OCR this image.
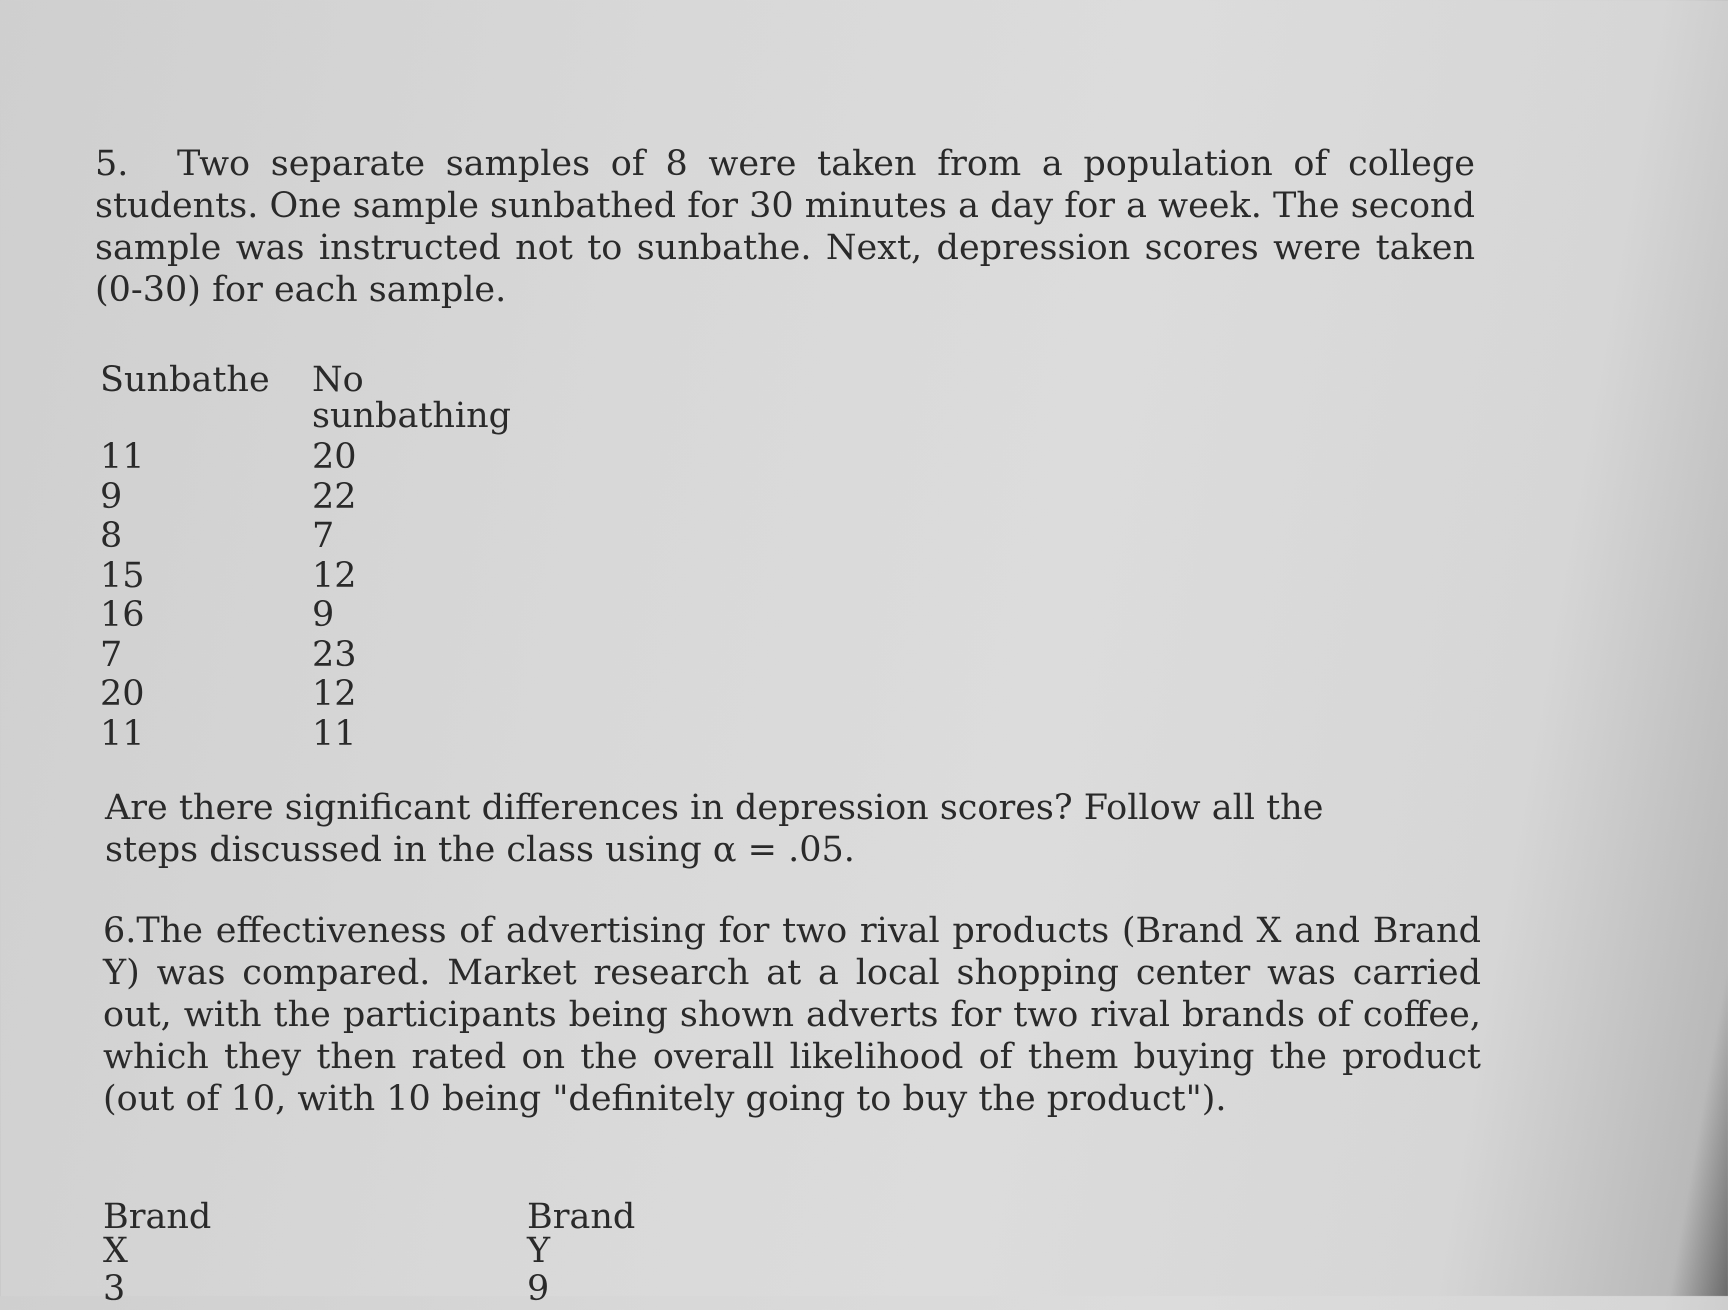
5. Two separate samples of 8 were taken from a population of college students. One sample sunbathed for 30 minutes a day for a week. The second sample was instructed not to sunbathe. Next, depression scores were taken (0-30) for each sample.

Sunbathe
11
9
8
15
16
7
20
11
No sunbathing
20
22
7
12
9
23
12
11

Are there significant differences in depression scores? Follow all the steps discussed in the class using α = .05.

6.The effectiveness of advertising for two rival products (Brand X and Brand Y) was compared. Market research at a local shopping center was carried out, with the participants being shown adverts for two rival brands of coffee, which they then rated on the overall likelihood of them buying the product (out of 10, with 10 being "definitely going to buy the product").

Brand X
3
Brand Y
9
